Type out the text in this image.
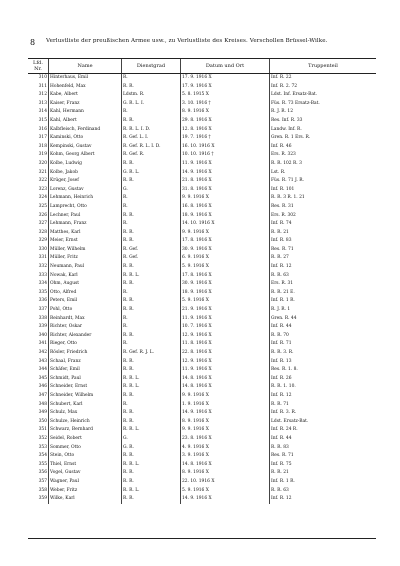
8 Verlustliste der preußischen Armee usw., zu Verlustliste des Kreises. Verschollen Brüssel-Wilke.
Lfd. Nr.	Name	Dienstgrad	Datum und Ort	Truppenteil
310	Hinterhaus, Emil	R.	17. 9. 1916 X	Inf. R. 22
311	Hohenfeld, Max	R. R.	17. 9. 1916 X	Inf. R. 2. 72
312	Kabe, Albert	Ldstm. R.	5. 8. 1915 X	Ldst. Inf. Ersatz-Bat.
313	Kaiser, Franz	G. R. L. I.	3. 10. 1916 †	Füs. R. 73 Ersatz-Bat.
314	Kahl, Hermann	R.	8. 9. 1916 X	R. J. R. 12
315	Kahl, Albert	R. R.	29. 8. 1916 X	Res. Inf. R. 33
316	Kalbfleisch, Ferdinand	R. R. L. I. D.	12. 8. 1916 X	Landw. Inf. R.
317	Kaminski, Otto	R. Gef. L. I.	19. 7. 1916 †	Gren. R. 1 Ers. R.
318	Kempinski, Gustav	R. Gef. R. L. I. D.	16. 10. 1916 X	Inf. R. 46
319	Kohm, Georg Albert	R. Gef. R.	10. 10. 1916 †	Ers. R. 323
320	Kolbe, Ludwig	R. R.	11. 9. 1916 X	R. R. 102 R. 3
321	Kolbe, Jakob	G. R. L.	14. 9. 1916 X	Lst. R.
322	Krüger, Josef	R. R.	21. 8. 1916 X	Füs. R. 71 J. R.
323	Lorenz, Gustav	G.	31. 8. 1916 X	Inf. R. 101
324	Lehmann, Heinrich	R.	9. 9. 1916 X	R. R. 3 R. 1. 21
325	Lamprecht, Otto	R.	16. 8. 1916 X	Res. R. 31
326	Lechner, Paul	R. R.	18. 9. 1916 X	Ers. R. 302
327	Lehmann, Franz	R.	14. 10. 1916 X	Inf. R. 74
328	Matthes, Karl	R. R.	9. 9. 1916 X	R. R. 21
329	Meier, Ernst	R. R.	17. 8. 1916 X	Inf. R. 83
330	Müller, Wilhelm	R. Gef.	30. 9. 1916 X	Res. R. 71
331	Müller, Fritz	R. Gef.	6. 9. 1916 X	R. R. 27
332	Neumann, Paul	R. R.	5. 9. 1916 X	Inf. R. 12
333	Nowak, Karl	R. R. L.	17. 8. 1916 X	R. R. 63
334	Ohm, August	R. R.	30. 9. 1916 X	Ers. R. 31
335	Otto, Alfred	R.	18. 9. 1916 X	R. R. 21 E.
336	Peters, Emil	R. R.	5. 9. 1916 X	Inf. R. 1 R.
337	Pohl, Otto	R. R.	21. 9. 1916 X	R. J. R. 1
338	Reinhardt, Max	R.	11. 9. 1916 X	Gren. R. 44
339	Richter, Oskar	R.	10. 7. 1916 X	Inf. R. 44
340	Richter, Alexander	R. R.	12. 9. 1916 X	R. R. 70
341	Rieger, Otto	R.	11. 8. 1916 X	Inf. R. 71
342	Rösler, Friedrich	R. Gef. R. J. L.	22. 8. 1916 X	R. R. 3. R.
343	Schaal, Franz	R. R.	12. 9. 1916 X	Inf. R. 13
344	Schäfer, Emil	R. R.	11. 9. 1916 X	Res. R. 1. 8.
345	Schmidt, Paul	R. R. L.	14. 8. 1916 X	Inf. R. 26
346	Schneider, Ernst	R. R. L.	14. 8. 1916 X	R. R. 1. 10.
347	Schneider, Wilhelm	R. R.	9. 9. 1916 X	Inf. R. 12
348	Schubert, Karl	R.	1. 9. 1916 X	R. R. 71
349	Schulz, Max	R. R.	14. 9. 1916 X	Inf. R. 3. R.
350	Schulze, Heinrich	R. R.	8. 9. 1916 X	Ldst. Ersatz-Bat.
351	Schwarz, Bernhard	R. R. L.	9. 9. 1916 X	Inf. R. 24 R.
352	Seidel, Robert	G.	23. 8. 1916 X	Inf. R. 44
353	Sommer, Otto	G. R.	4. 9. 1916 X	R. R. 83
354	Stein, Otto	R. R.	3. 9. 1916 X	Res. R. 71
355	Thiel, Ernst	R. R. L.	14. 8. 1916 X	Inf. R. 75
356	Vogel, Gustav	R. R.	8. 9. 1916 X	R. R. 21
357	Wagner, Paul	R. R.	22. 10. 1916 X	Inf. R. 1 R.
358	Weber, Fritz	R. R. L.	5. 9. 1916 X	R. R. 63
359	Wilke, Karl	R. R.	14. 9. 1916 X	Inf. R. 12
